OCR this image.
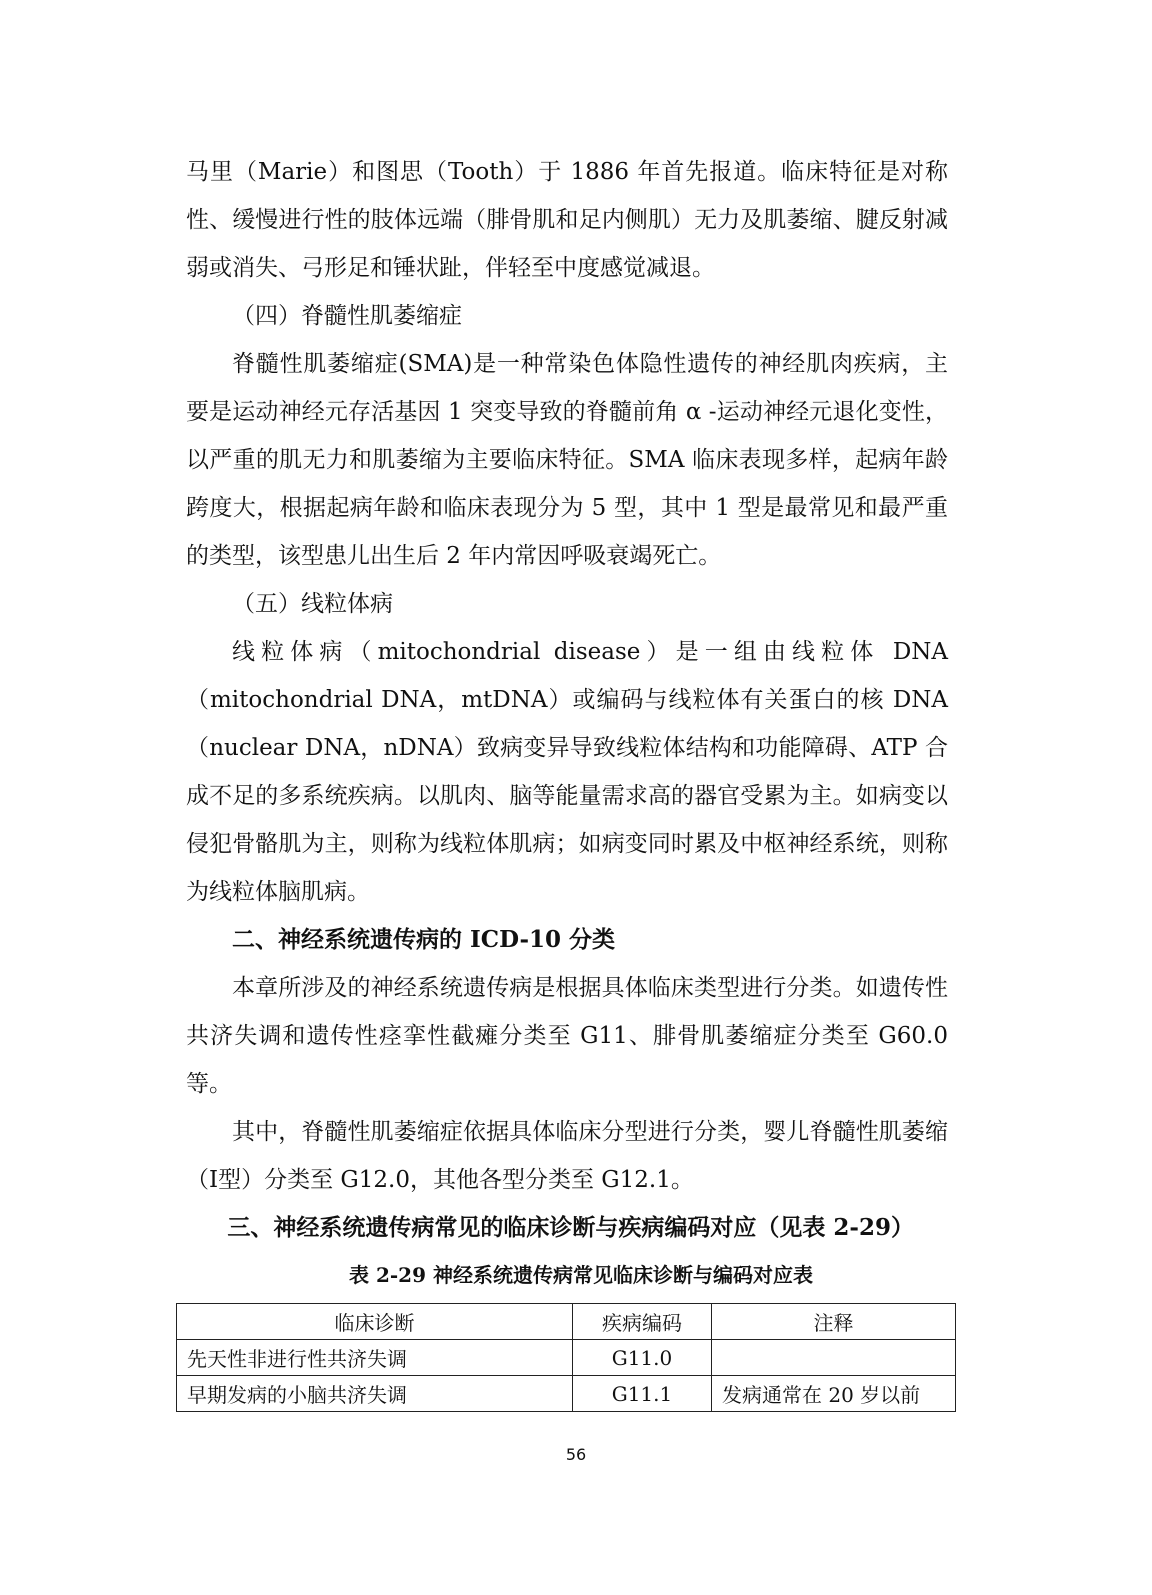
马里（Marie）和图思（Tooth）于 1886 年首先报道。临床特征是对称性、缓慢进行性的肢体远端（腓骨肌和足内侧肌）无力及肌萎缩、腱反射减弱或消失、弓形足和锤状趾，伴轻至中度感觉减退。

（四）脊髓性肌萎缩症

脊髓性肌萎缩症(SMA)是一种常染色体隐性遗传的神经肌肉疾病，主要是运动神经元存活基因 1 突变导致的脊髓前角 α -运动神经元退化变性，以严重的肌无力和肌萎缩为主要临床特征。SMA 临床表现多样，起病年龄跨度大，根据起病年龄和临床表现分为 5 型，其中 1 型是最常见和最严重的类型，该型患儿出生后 2 年内常因呼吸衰竭死亡。

（五）线粒体病

线粒体病（mitochondrial disease）是一组由线粒体 DNA（mitochondrial DNA，mtDNA）或编码与线粒体有关蛋白的核 DNA（nuclear DNA，nDNA）致病变异导致线粒体结构和功能障碍、ATP 合成不足的多系统疾病。以肌肉、脑等能量需求高的器官受累为主。如病变以侵犯骨骼肌为主，则称为线粒体肌病；如病变同时累及中枢神经系统，则称为线粒体脑肌病。

二、神经系统遗传病的 ICD-10 分类

本章所涉及的神经系统遗传病是根据具体临床类型进行分类。如遗传性共济失调和遗传性痉挛性截瘫分类至 G11、腓骨肌萎缩症分类至 G60.0 等。

其中，脊髓性肌萎缩症依据具体临床分型进行分类，婴儿脊髓性肌萎缩（I型）分类至 G12.0，其他各型分类至 G12.1。

三、神经系统遗传病常见的临床诊断与疾病编码对应（见表 2-29）

表 2-29 神经系统遗传病常见临床诊断与编码对应表
临床诊断	疾病编码	注释
先天性非进行性共济失调	G11.0	
早期发病的小脑共济失调	G11.1	发病通常在 20 岁以前
56
